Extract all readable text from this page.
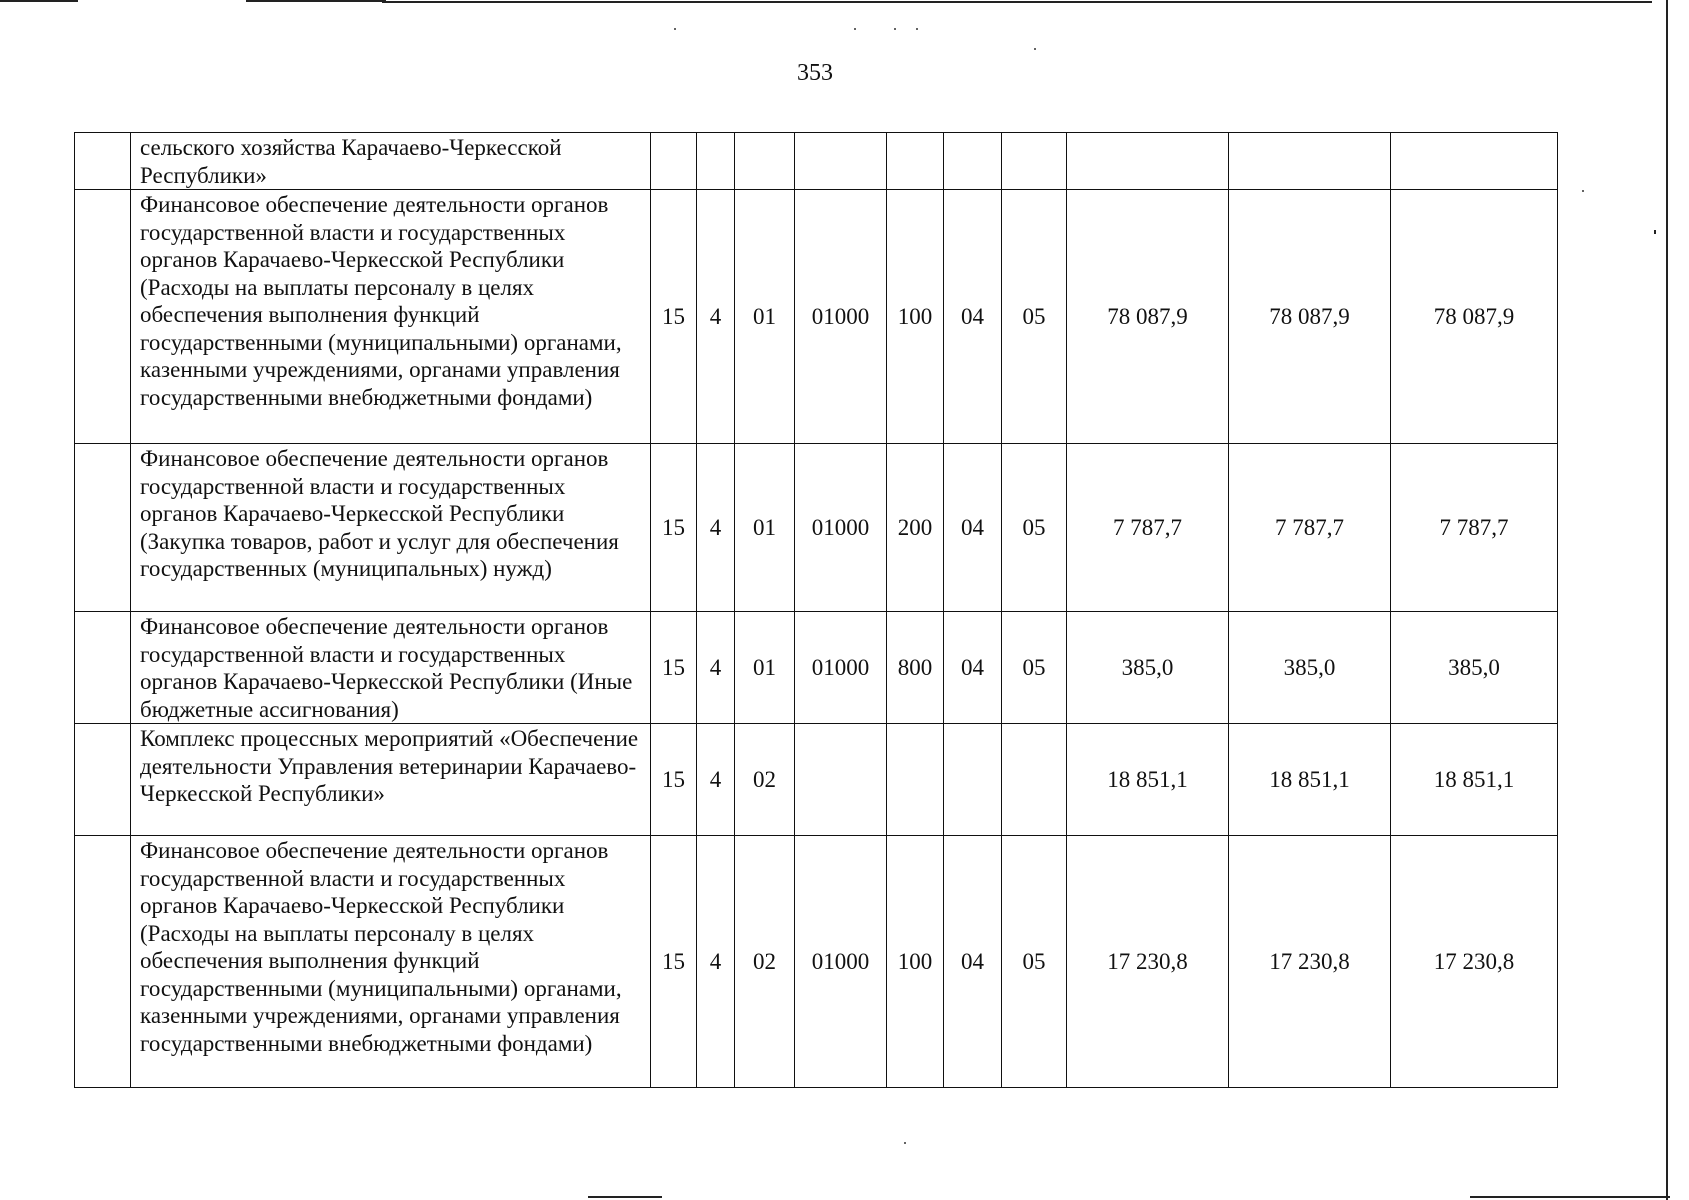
353
	сельского хозяйства Карачаево-Черкесской Республики»										
	Финансовое обеспечение деятельности органов государственной власти и государственных органов Карачаево-Черкесской Республики (Расходы на выплаты персоналу в целях обеспечения выполнения функций государственными (муниципальными) органами, казенными учреждениями, органами управления государственными внебюджетными фондами)	15	4	01	01000	100	04	05	78 087,9	78 087,9	78 087,9
	Финансовое обеспечение деятельности органов государственной власти и государственных органов Карачаево-Черкесской Республики (Закупка товаров, работ и услуг для обеспечения государственных (муниципальных) нужд)	15	4	01	01000	200	04	05	7 787,7	7 787,7	7 787,7
	Финансовое обеспечение деятельности органов государственной власти и государственных органов Карачаево-Черкесской Республики (Иные бюджетные ассигнования)	15	4	01	01000	800	04	05	385,0	385,0	385,0
	Комплекс процессных мероприятий «Обеспечение деятельности Управления ветеринарии Карачаево-Черкесской Республики»	15	4	02					18 851,1	18 851,1	18 851,1
	Финансовое обеспечение деятельности органов государственной власти и государственных органов Карачаево-Черкесской Республики (Расходы на выплаты персоналу в целях обеспечения выполнения функций государственными (муниципальными) органами, казенными учреждениями, органами управления государственными внебюджетными фондами)	15	4	02	01000	100	04	05	17 230,8	17 230,8	17 230,8
